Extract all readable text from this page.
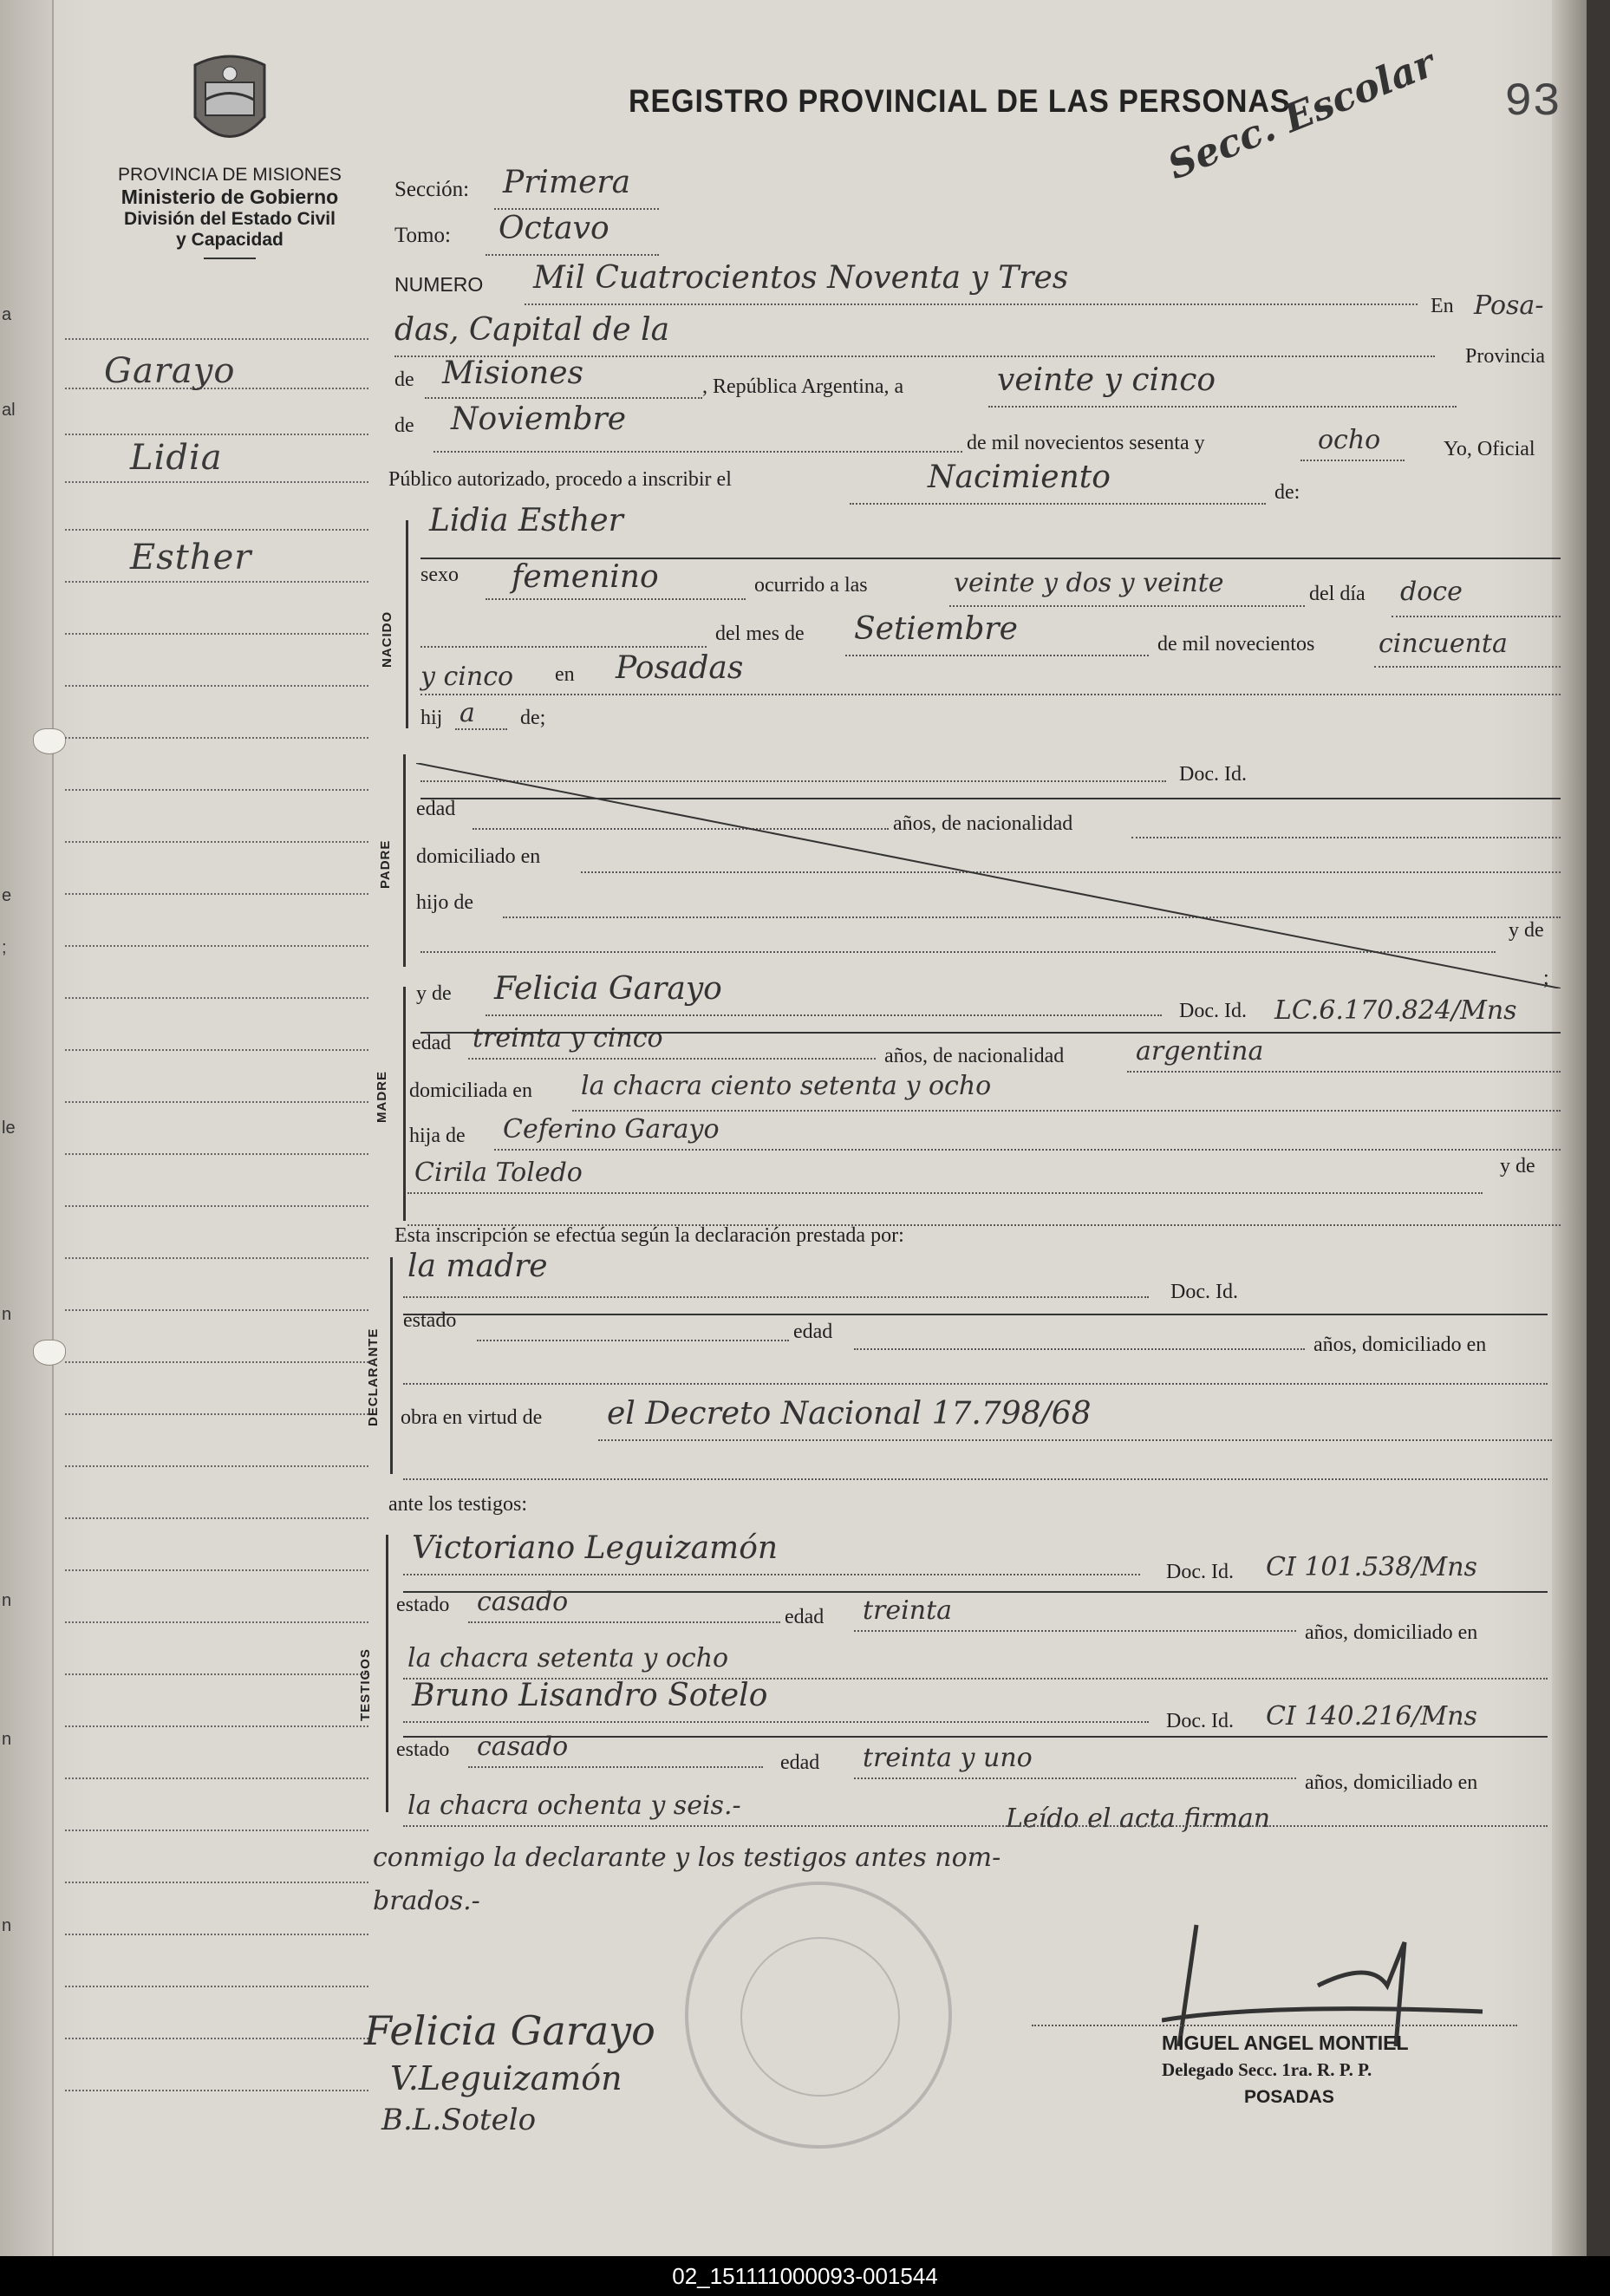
a
al
e
;
le
n
n
n
n
PROVINCIA DE MISIONES
Ministerio de Gobierno
División del Estado Civil
y Capacidad
REGISTRO PROVINCIAL DE LAS PERSONAS	93
Secc. Escolar
Garayo
Lidia
Esther
Sección: Primera
Tomo: Octavo
NUMERO Mil Cuatrocientos Noventa y Tres
En Posa-
das, Capital de la
Provincia
de Misiones	, República Argentina, a	veinte y cinco
de Noviembre
de mil novecientos sesenta y	ocho	Yo, Oficial
Público autorizado, procedo a inscribir el	Nacimiento	de:
NACIDO
Lidia Esther
sexo femenino	ocurrido a las	veinte y dos y veinte	del día doce
del mes de Setiembre	de mil novecientos cincuenta
y cinco en Posadas
hij a de;
PADRE
Doc. Id.
edad
años, de nacionalidad
domiciliado en
hijo de
y de
;
MADRE
y de Felicia Garayo
Doc. Id. LC.6.170.824/Mns
edad treinta y cinco
años, de nacionalidad	argentina
domiciliada en la chacra ciento setenta y ocho
hija de Ceferino Garayo
Cirila Toledo	y de
Esta inscripción se efectúa según la declaración prestada por:
DECLARANTE
la madre
Doc. Id.
estado	edad
años, domiciliado en
obra en virtud de el Decreto Nacional 17.798/68
ante los testigos:
TESTIGOS
Victoriano Leguizamón
Doc. Id. CI 101.538/Mns
estado casado	edad treinta
años, domiciliado en
la chacra setenta y ocho
Bruno Lisandro Sotelo
Doc. Id. CI 140.216/Mns
estado casado
edad treinta y uno
años, domiciliado en
la chacra ochenta y seis.-	Leído el acta firman
conmigo la declarante y los testigos antes nom-
brados.-
Felicia Garayo
V.Leguizamón
B.L.Sotelo
MIGUEL ANGEL MONTIEL
Delegado Secc. 1ra. R. P. P.
POSADAS
02_151111000093-001544
